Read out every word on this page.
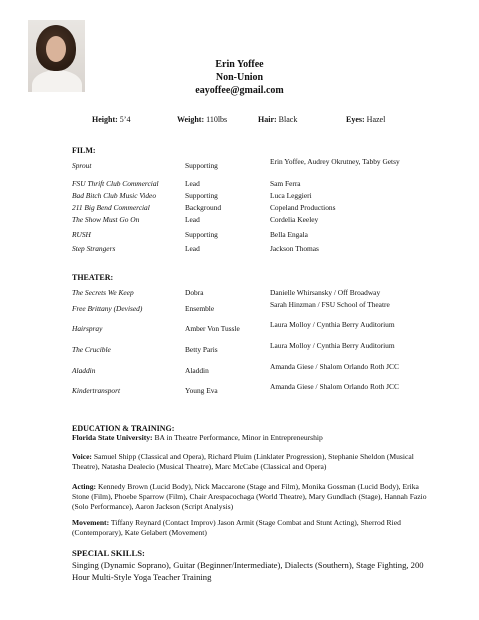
Erin Yoffee
Non-Union
eayoffee@gmail.com
Height: 5’4	Weight: 110lbs	Hair: Black	Eyes: Hazel
FILM:
Sprout	Supporting	Erin Yoffee, Audrey Okrutney, Tabby Getsy
FSU Thrift Club Commercial	Lead	Sam Ferra
Bad Bitch Club Music Video	Supporting	Luca Leggieri
211 Big Bend Commercial	Background	Copeland Productions
The Show Must Go On	Lead	Cordelia Keeley
RUSH	Supporting	Bella Engala
Step Strangers	Lead	Jackson Thomas
THEATER:
The Secrets We Keep	Dobra	Danielle Whirsansky / Off Broadway
Free Brittany (Devised)	Ensemble	Sarah Hinzman / FSU School of Theatre
Hairspray	Amber Von Tussle	Laura Molloy / Cynthia Berry Auditorium
The Crucible	Betty Paris	Laura Molloy / Cynthia Berry Auditorium
Aladdin	Aladdin	Amanda Giese / Shalom Orlando Roth JCC
Kindertransport	Young Eva	Amanda Giese / Shalom Orlando Roth JCC
EDUCATION & TRAINING:
Florida State University: BA in Theatre Performance, Minor in Entrepreneurship
Voice: Samuel Shipp (Classical and Opera), Richard Pluim (Linklater Progression), Stephanie Sheldon (Musical Theatre), Natasha Dealecio (Musical Theatre), Marc McCabe (Classical and Opera)
Acting: Kennedy Brown (Lucid Body), Nick Maccarone (Stage and Film), Monika Gossman (Lucid Body), Erika Stone (Film), Phoebe Sparrow (Film), Chair Arespacochaga (World Theatre), Mary Gundlach (Stage), Hannah Fazio (Solo Performance), Aaron Jackson (Script Analysis)
Movement: Tiffany Reynard (Contact Improv) Jason Armit (Stage Combat and Stunt Acting), Sherrod Ried (Contemporary), Kate Gelabert (Movement)
SPECIAL SKILLS:
Singing (Dynamic Soprano), Guitar (Beginner/Intermediate), Dialects (Southern), Stage Fighting, 200 Hour Multi-Style Yoga Teacher Training
